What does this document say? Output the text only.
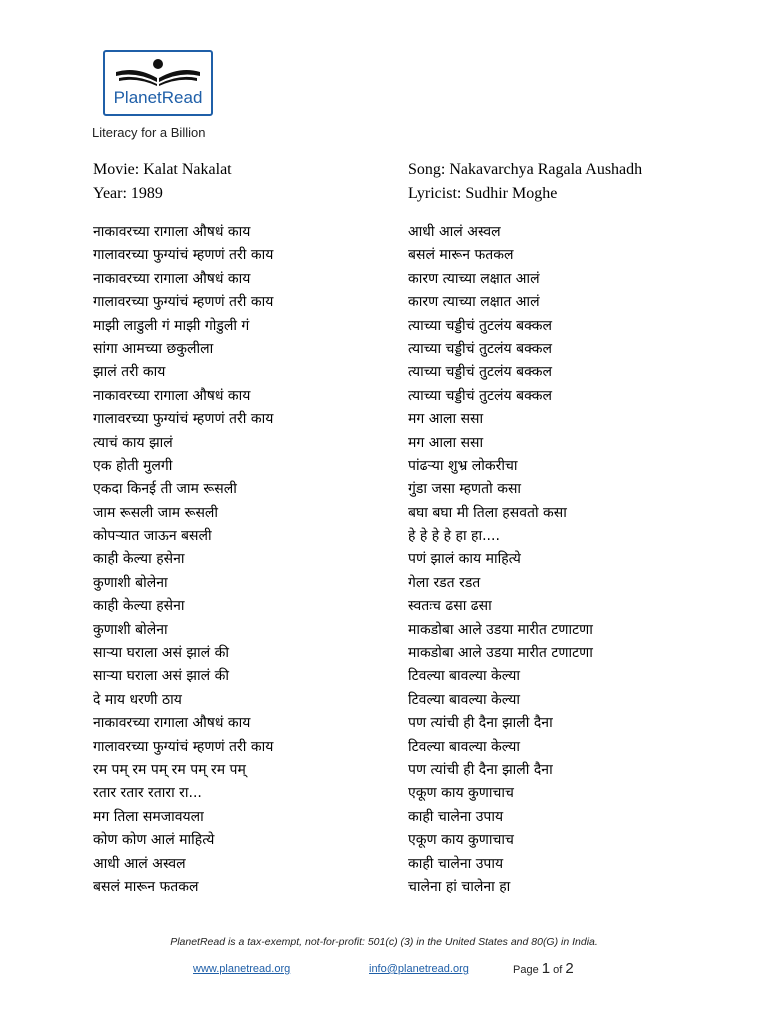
PlanetRead
Literacy for a Billion
Movie: Kalat Nakalat
Year: 1989
Song: Nakavarchya Ragala Aushadh
Lyricist: Sudhir Moghe
नाकावरच्या रागाला औषधं काय
गालावरच्या फुग्यांचं म्हणणं तरी काय
नाकावरच्या रागाला औषधं काय
गालावरच्या फुग्यांचं म्हणणं तरी काय
माझी लाडुली गं माझी गोडुली गं
सांगा आमच्या छकुलीला
झालं तरी काय
नाकावरच्या रागाला औषधं काय
गालावरच्या फुग्यांचं म्हणणं तरी काय
त्याचं काय झालं
एक होती मुलगी
एकदा किनई ती जाम रूसली
जाम रूसली जाम रूसली
कोपऱ्यात जाऊन बसली
काही केल्या हसेना
कुणाशी बोलेना
काही केल्या हसेना
कुणाशी बोलेना
साऱ्या घराला असं झालं की
साऱ्या घराला असं झालं की
दे माय धरणी ठाय
नाकावरच्या रागाला औषधं काय
गालावरच्या फुग्यांचं म्हणणं तरी काय
रम पम् रम पम् रम पम् रम पम्
रतार रतार रतारा रा...
मग तिला समजावयला
कोण कोण आलं माहित्ये
आधी आलं अस्वल
बसलं मारून फतकल
आधी आलं अस्वल
बसलं मारून फतकल
कारण त्याच्या लक्षात आलं
कारण त्याच्या लक्षात आलं
त्याच्या चड्डीचं तुटलंय बक्कल
त्याच्या चड्डीचं तुटलंय बक्कल
त्याच्या चड्डीचं तुटलंय बक्कल
त्याच्या चड्डीचं तुटलंय बक्कल
मग आला ससा
मग आला ससा
पांढऱ्या शुभ्र लोकरीचा
गुंडा जसा म्हणतो कसा
बघा बघा मी तिला हसवतो कसा
हे हे हे हे हा हा....
पणं झालं काय माहित्ये
गेला रडत रडत
स्वतःच ढसा ढसा
माकडोबा आले उडया मारीत टणाटणा
माकडोबा आले उडया मारीत टणाटणा
टिवल्या बावल्या केल्या
टिवल्या बावल्या केल्या
पण त्यांची ही दैना झाली दैना
टिवल्या बावल्या केल्या
पण त्यांची ही दैना झाली दैना
एकूण काय कुणाचाच
काही चालेना उपाय
एकूण काय कुणाचाच
काही चालेना उपाय
चालेना हां चालेना हा
PlanetRead is a tax-exempt, not-for-profit: 501(c) (3) in the United States and 80(G) in India.
www.planetread.org	info@planetread.org	Page 1 of 2
